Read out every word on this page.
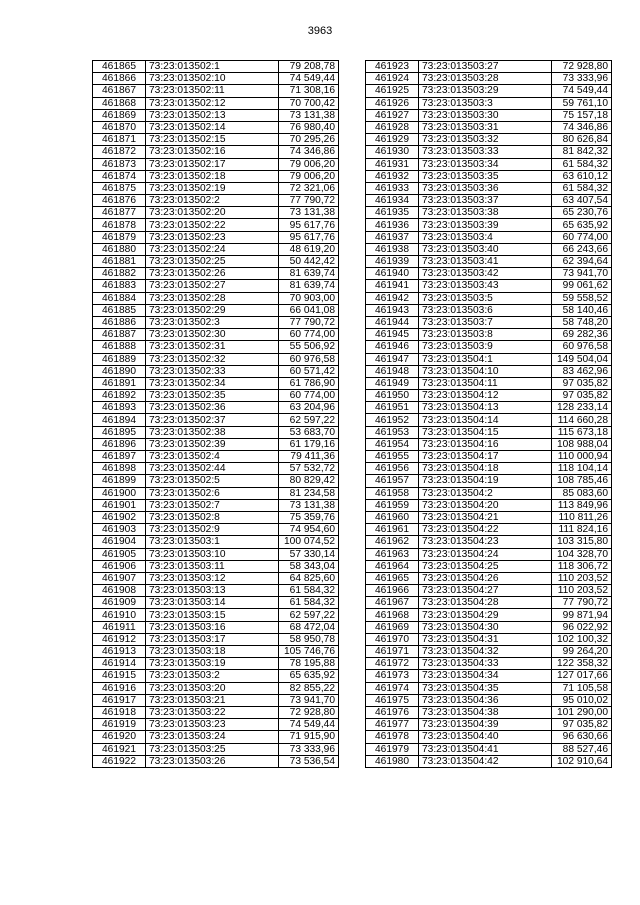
3963
461865	73:23:013502:1	79 208,78
461866	73:23:013502:10	74 549,44
461867	73:23:013502:11	71 308,16
461868	73:23:013502:12	70 700,42
461869	73:23:013502:13	73 131,38
461870	73:23:013502:14	76 980,40
461871	73:23:013502:15	70 295,26
461872	73:23:013502:16	74 346,86
461873	73:23:013502:17	79 006,20
461874	73:23:013502:18	79 006,20
461875	73:23:013502:19	72 321,06
461876	73:23:013502:2	77 790,72
461877	73:23:013502:20	73 131,38
461878	73:23:013502:22	95 617,76
461879	73:23:013502:23	95 617,76
461880	73:23:013502:24	48 619,20
461881	73:23:013502:25	50 442,42
461882	73:23:013502:26	81 639,74
461883	73:23:013502:27	81 639,74
461884	73:23:013502:28	70 903,00
461885	73:23:013502:29	66 041,08
461886	73:23:013502:3	77 790,72
461887	73:23:013502:30	60 774,00
461888	73:23:013502:31	55 506,92
461889	73:23:013502:32	60 976,58
461890	73:23:013502:33	60 571,42
461891	73:23:013502:34	61 786,90
461892	73:23:013502:35	60 774,00
461893	73:23:013502:36	63 204,96
461894	73:23:013502:37	62 597,22
461895	73:23:013502:38	53 683,70
461896	73:23:013502:39	61 179,16
461897	73:23:013502:4	79 411,36
461898	73:23:013502:44	57 532,72
461899	73:23:013502:5	80 829,42
461900	73:23:013502:6	81 234,58
461901	73:23:013502:7	73 131,38
461902	73:23:013502:8	75 359,76
461903	73:23:013502:9	74 954,60
461904	73:23:013503:1	100 074,52
461905	73:23:013503:10	57 330,14
461906	73:23:013503:11	58 343,04
461907	73:23:013503:12	64 825,60
461908	73:23:013503:13	61 584,32
461909	73:23:013503:14	61 584,32
461910	73:23:013503:15	62 597,22
461911	73:23:013503:16	68 472,04
461912	73:23:013503:17	58 950,78
461913	73:23:013503:18	105 746,76
461914	73:23:013503:19	78 195,88
461915	73:23:013503:2	65 635,92
461916	73:23:013503:20	82 855,22
461917	73:23:013503:21	73 941,70
461918	73:23:013503:22	72 928,80
461919	73:23:013503:23	74 549,44
461920	73:23:013503:24	71 915,90
461921	73:23:013503:25	73 333,96
461922	73:23:013503:26	73 536,54
461923	73:23:013503:27	72 928,80
461924	73:23:013503:28	73 333,96
461925	73:23:013503:29	74 549,44
461926	73:23:013503:3	59 761,10
461927	73:23:013503:30	75 157,18
461928	73:23:013503:31	74 346,86
461929	73:23:013503:32	80 626,84
461930	73:23:013503:33	81 842,32
461931	73:23:013503:34	61 584,32
461932	73:23:013503:35	63 610,12
461933	73:23:013503:36	61 584,32
461934	73:23:013503:37	63 407,54
461935	73:23:013503:38	65 230,76
461936	73:23:013503:39	65 635,92
461937	73:23:013503:4	60 774,00
461938	73:23:013503:40	66 243,66
461939	73:23:013503:41	62 394,64
461940	73:23:013503:42	73 941,70
461941	73:23:013503:43	99 061,62
461942	73:23:013503:5	59 558,52
461943	73:23:013503:6	58 140,46
461944	73:23:013503:7	58 748,20
461945	73:23:013503:8	69 282,36
461946	73:23:013503:9	60 976,58
461947	73:23:013504:1	149 504,04
461948	73:23:013504:10	83 462,96
461949	73:23:013504:11	97 035,82
461950	73:23:013504:12	97 035,82
461951	73:23:013504:13	128 233,14
461952	73:23:013504:14	114 660,28
461953	73:23:013504:15	115 673,18
461954	73:23:013504:16	108 988,04
461955	73:23:013504:17	110 000,94
461956	73:23:013504:18	118 104,14
461957	73:23:013504:19	108 785,46
461958	73:23:013504:2	85 083,60
461959	73:23:013504:20	113 849,96
461960	73:23:013504:21	110 811,26
461961	73:23:013504:22	111 824,16
461962	73:23:013504:23	103 315,80
461963	73:23:013504:24	104 328,70
461964	73:23:013504:25	118 306,72
461965	73:23:013504:26	110 203,52
461966	73:23:013504:27	110 203,52
461967	73:23:013504:28	77 790,72
461968	73:23:013504:29	99 871,94
461969	73:23:013504:30	96 022,92
461970	73:23:013504:31	102 100,32
461971	73:23:013504:32	99 264,20
461972	73:23:013504:33	122 358,32
461973	73:23:013504:34	127 017,66
461974	73:23:013504:35	71 105,58
461975	73:23:013504:36	95 010,02
461976	73:23:013504:38	101 290,00
461977	73:23:013504:39	97 035,82
461978	73:23:013504:40	96 630,66
461979	73:23:013504:41	88 527,46
461980	73:23:013504:42	102 910,64
